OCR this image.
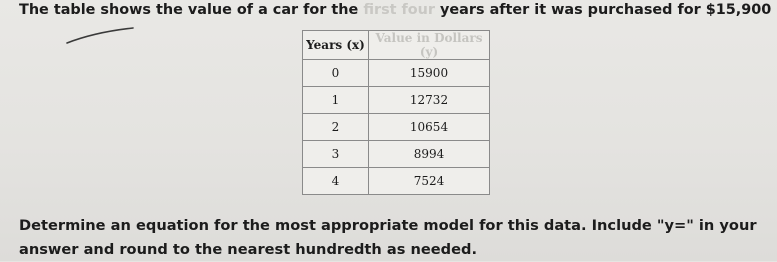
The table shows the value of a car for the first four years after it was purchased for $15,900
Years (x)	Value in Dollars (y)
0	15900
1	12732
2	10654
3	8994
4	7524
Determine an equation for the most appropriate model for this data. Include "y=" in your
answer and round to the nearest hundredth as needed.
